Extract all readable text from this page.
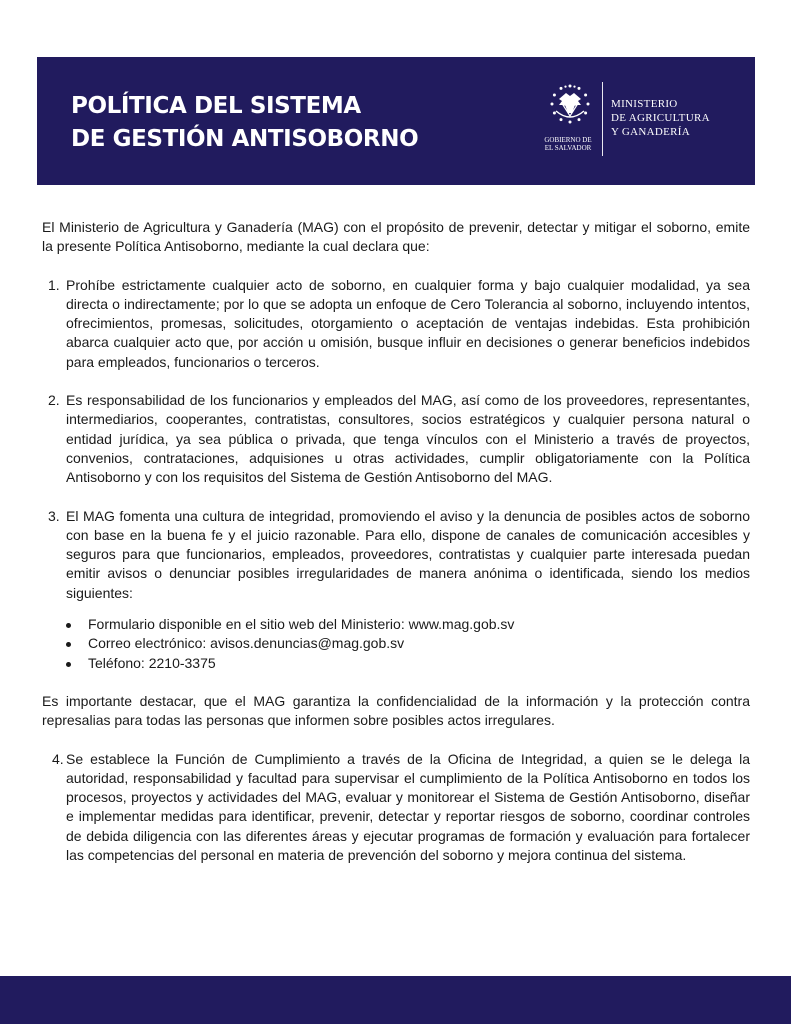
POLÍTICA DEL SISTEMA
DE GESTIÓN ANTISOBORNO	GOBIERNO DE
EL SALVADOR
MINISTERIO
DE AGRICULTURA
Y GANADERÍA

El Ministerio de Agricultura y Ganadería (MAG) con el propósito de prevenir, detectar y mitigar el soborno, emite la presente Política Antisoborno, mediante la cual declara que:

1. Prohíbe estrictamente cualquier acto de soborno, en cualquier forma y bajo cualquier modalidad, ya sea directa o indirectamente; por lo que se adopta un enfoque de Cero Tolerancia al soborno, incluyendo intentos, ofrecimientos, promesas, solicitudes, otorgamiento o aceptación de ventajas indebidas. Esta prohibición abarca cualquier acto que, por acción u omisión, busque influir en decisiones o generar beneficios indebidos para empleados, funcionarios o terceros.
2. Es responsabilidad de los funcionarios y empleados del MAG, así como de los proveedores, representantes, intermediarios, cooperantes, contratistas, consultores, socios estratégicos y cualquier persona natural o entidad jurídica, ya sea pública o privada, que tenga vínculos con el Ministerio a través de proyectos, convenios, contrataciones, adquisiones u otras actividades, cumplir obligatoriamente con la Política Antisoborno y con los requisitos del Sistema de Gestión Antisoborno del MAG.
3. El MAG fomenta una cultura de integridad, promoviendo el aviso y la denuncia de posibles actos de soborno con base en la buena fe y el juicio razonable. Para ello, dispone de canales de comunicación accesibles y seguros para que funcionarios, empleados, proveedores, contratistas y cualquier parte interesada puedan emitir avisos o denunciar posibles irregularidades de manera anónima o identificada, siendo los medios siguientes:
Formulario disponible en el sitio web del Ministerio: www.mag.gob.sv
Correo electrónico: avisos.denuncias@mag.gob.sv
Teléfono: 2210-3375

Es importante destacar, que el MAG garantiza la confidencialidad de la información y la protección contra represalias para todas las personas que informen sobre posibles actos irregulares.

4. Se establece la Función de Cumplimiento a través de la Oficina de Integridad, a quien se le delega la autoridad, responsabilidad y facultad para supervisar el cumplimiento de la Política Antisoborno en todos los procesos, proyectos y actividades del MAG, evaluar y monitorear el Sistema de Gestión Antisoborno, diseñar e implementar medidas para identificar, prevenir, detectar y reportar riesgos de soborno, coordinar controles de debida diligencia con las diferentes áreas y ejecutar programas de formación y evaluación para fortalecer las competencias del personal en materia de prevención del soborno y mejora continua del sistema.
